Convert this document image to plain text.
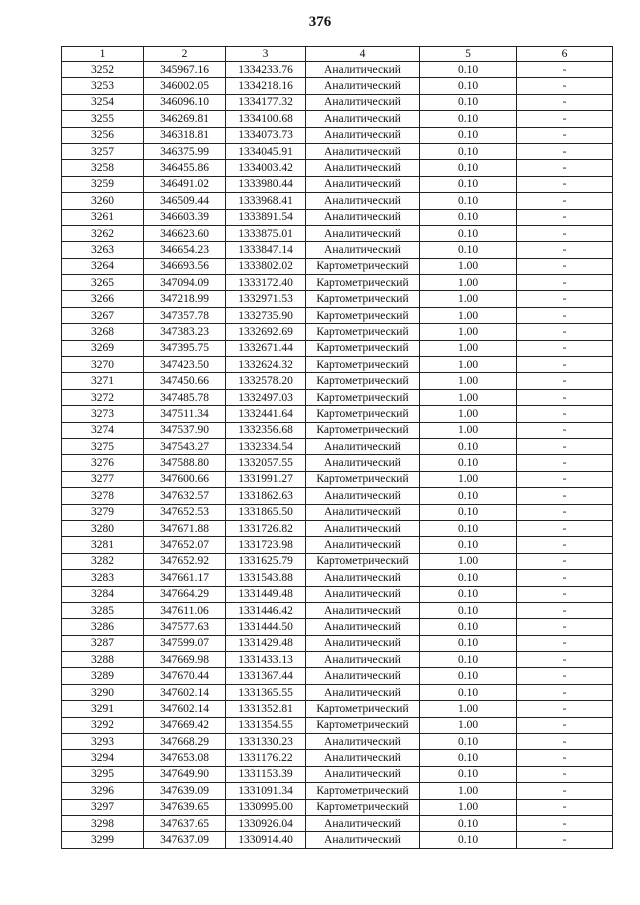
376
1	2	3	4	5	6
3252	345967.16	1334233.76	Аналитический	0.10	-
3253	346002.05	1334218.16	Аналитический	0.10	-
3254	346096.10	1334177.32	Аналитический	0.10	-
3255	346269.81	1334100.68	Аналитический	0.10	-
3256	346318.81	1334073.73	Аналитический	0.10	-
3257	346375.99	1334045.91	Аналитический	0.10	-
3258	346455.86	1334003.42	Аналитический	0.10	-
3259	346491.02	1333980.44	Аналитический	0.10	-
3260	346509.44	1333968.41	Аналитический	0.10	-
3261	346603.39	1333891.54	Аналитический	0.10	-
3262	346623.60	1333875.01	Аналитический	0.10	-
3263	346654.23	1333847.14	Аналитический	0.10	-
3264	346693.56	1333802.02	Картометрический	1.00	-
3265	347094.09	1333172.40	Картометрический	1.00	-
3266	347218.99	1332971.53	Картометрический	1.00	-
3267	347357.78	1332735.90	Картометрический	1.00	-
3268	347383.23	1332692.69	Картометрический	1.00	-
3269	347395.75	1332671.44	Картометрический	1.00	-
3270	347423.50	1332624.32	Картометрический	1.00	-
3271	347450.66	1332578.20	Картометрический	1.00	-
3272	347485.78	1332497.03	Картометрический	1.00	-
3273	347511.34	1332441.64	Картометрический	1.00	-
3274	347537.90	1332356.68	Картометрический	1.00	-
3275	347543.27	1332334.54	Аналитический	0.10	-
3276	347588.80	1332057.55	Аналитический	0.10	-
3277	347600.66	1331991.27	Картометрический	1.00	-
3278	347632.57	1331862.63	Аналитический	0.10	-
3279	347652.53	1331865.50	Аналитический	0.10	-
3280	347671.88	1331726.82	Аналитический	0.10	-
3281	347652.07	1331723.98	Аналитический	0.10	-
3282	347652.92	1331625.79	Картометрический	1.00	-
3283	347661.17	1331543.88	Аналитический	0.10	-
3284	347664.29	1331449.48	Аналитический	0.10	-
3285	347611.06	1331446.42	Аналитический	0.10	-
3286	347577.63	1331444.50	Аналитический	0.10	-
3287	347599.07	1331429.48	Аналитический	0.10	-
3288	347669.98	1331433.13	Аналитический	0.10	-
3289	347670.44	1331367.44	Аналитический	0.10	-
3290	347602.14	1331365.55	Аналитический	0.10	-
3291	347602.14	1331352.81	Картометрический	1.00	-
3292	347669.42	1331354.55	Картометрический	1.00	-
3293	347668.29	1331330.23	Аналитический	0.10	-
3294	347653.08	1331176.22	Аналитический	0.10	-
3295	347649.90	1331153.39	Аналитический	0.10	-
3296	347639.09	1331091.34	Картометрический	1.00	-
3297	347639.65	1330995.00	Картометрический	1.00	-
3298	347637.65	1330926.04	Аналитический	0.10	-
3299	347637.09	1330914.40	Аналитический	0.10	-
